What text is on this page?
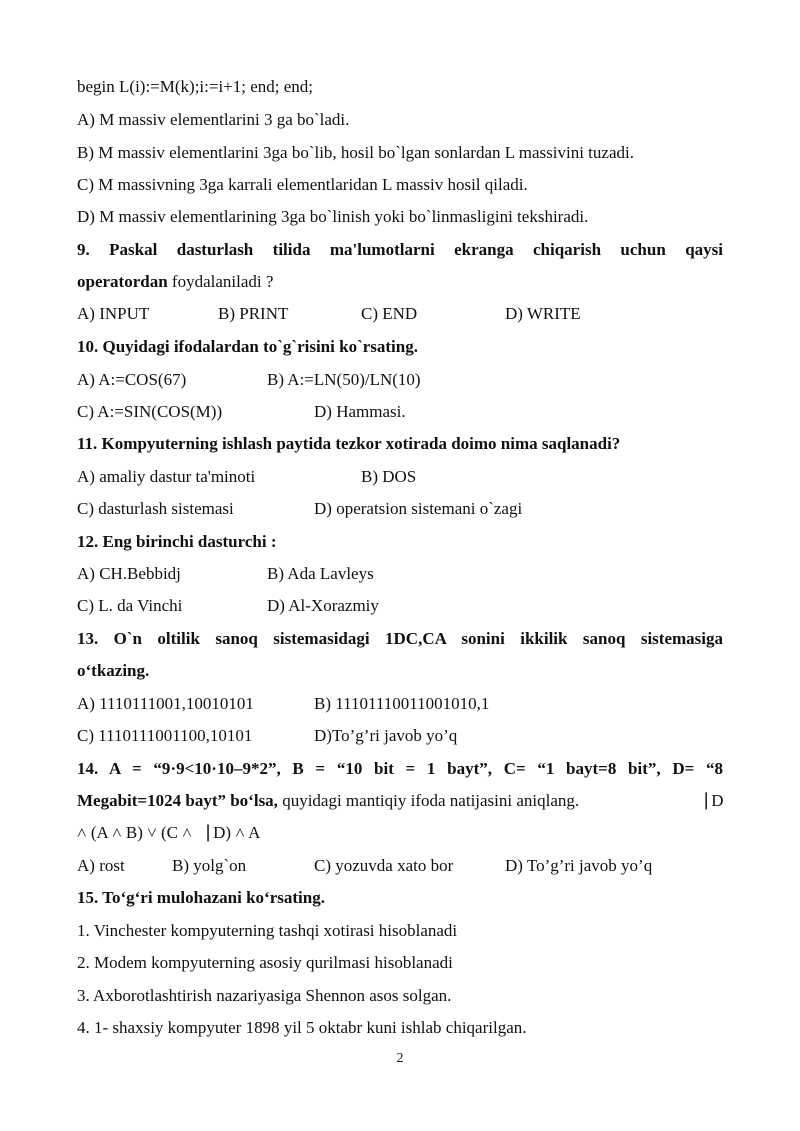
begin L(i):=M(k);i:=i+1; end; end;
A) M massiv elementlarini 3 ga bo`ladi.
B) M massiv elementlarini 3ga bo`lib, hosil bo`lgan sonlardan L massivini tuzadi.
C) M massivning 3ga karrali elementlaridan L massiv hosil qiladi.
D) M massiv elementlarining 3ga bo`linish yoki bo`linmasligini tekshiradi.
9. Paskal dasturlash tilida ma'lumotlarni ekranga chiqarish uchun qaysi
operatordan foydalaniladi ?
A) INPUT	B) PRINT	C) END	D) WRITE
10. Quyidagi ifodalardan to`g`risini ko`rsating.
A) A:=COS(67)	B) A:=LN(50)/LN(10)
C) A:=SIN(COS(M))	D) Hammasi.
11. Kompyuterning ishlash paytida tezkor xotirada doimo nima saqlanadi?
A) amaliy dastur ta'minoti	B) DOS
C) dasturlash sistemasi	D) operatsion sistemani o`zagi
12. Eng birinchi dasturchi :
A) CH.Bebbidj	B) Ada Lavleys
C) L. da Vinchi	D) Al-Xorazmiy
13. O`n oltilik sanoq sistemasidagi 1DC,CA sonini ikkilik sanoq sistemasiga
o‘tkazing.
A) 1110111001,10010101	B) 11101110011001010,1
C) 1110111001100,10101	D)To’g’ri javob yo’q
14. A = “9·9<10·10–9*2”, B = “10 bit = 1 bayt”, C= “1 bayt=8 bit”, D= “8
Megabit=1024 bayt” bo‘lsa, quyidagi mantiqiy ifoda natijasini aniqlang.	⎹ D
˄ (A ˄ B) ˅ (C ˄⎹ D) ˄ A
A) rost	B) yolg`on	C) yozuvda xato bor	D) To’g’ri javob yo’q
15. To‘g‘ri mulohazani ko‘rsating.
1. Vinchester kompyuterning tashqi xotirasi hisoblanadi
2. Modem kompyuterning asosiy qurilmasi hisoblanadi
3. Axborotlashtirish nazariyasiga Shennon asos solgan.
4. 1- shaxsiy kompyuter 1898 yil 5 oktabr kuni ishlab chiqarilgan.
2
